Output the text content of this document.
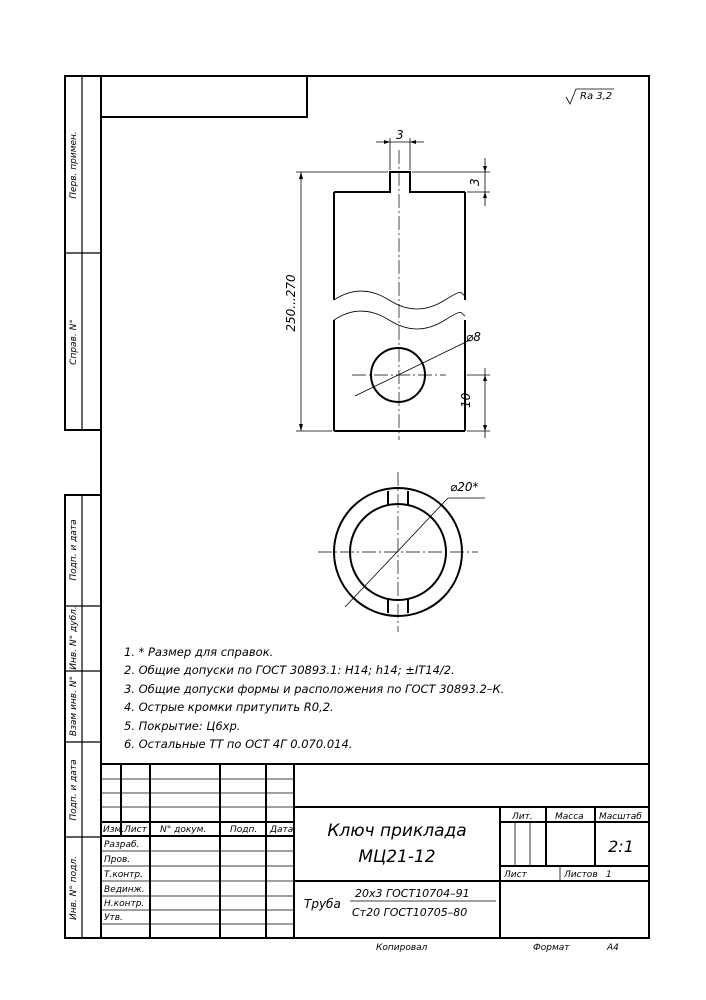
Перв. примен.
Справ. N°
Подп. и дата
Инв. N° дубл.
Взам инв. N°
Подп. и дата
Инв. N° подл.
Ra 3,2
3
3
250...270
⌀8
10
⌀20*
1. * Размер для справок.
2. Общие допуски по ГОСТ 30893.1: H14; h14; ±IT14/2.
3. Общие допуски формы и расположения по ГОСТ 30893.2–К.
4. Острые кромки притупить R0,2.
5. Покрытие: Ц6хр.
6. Остальные ТТ по ОСТ 4Г 0.070.014.
Изм. Лист N° докум.	Подп. Дата
Разраб.
Пров.
Т.контр.
Вединж.
Н.контр.
Утв.
Ключ приклада
МЦ21-12
Лит. Масса Масштаб
2:1
Лист	Листов 1
Труба
20х3 ГОСТ10704–91
Ст20 ГОСТ10705–80
Копировал	Формат	А4
